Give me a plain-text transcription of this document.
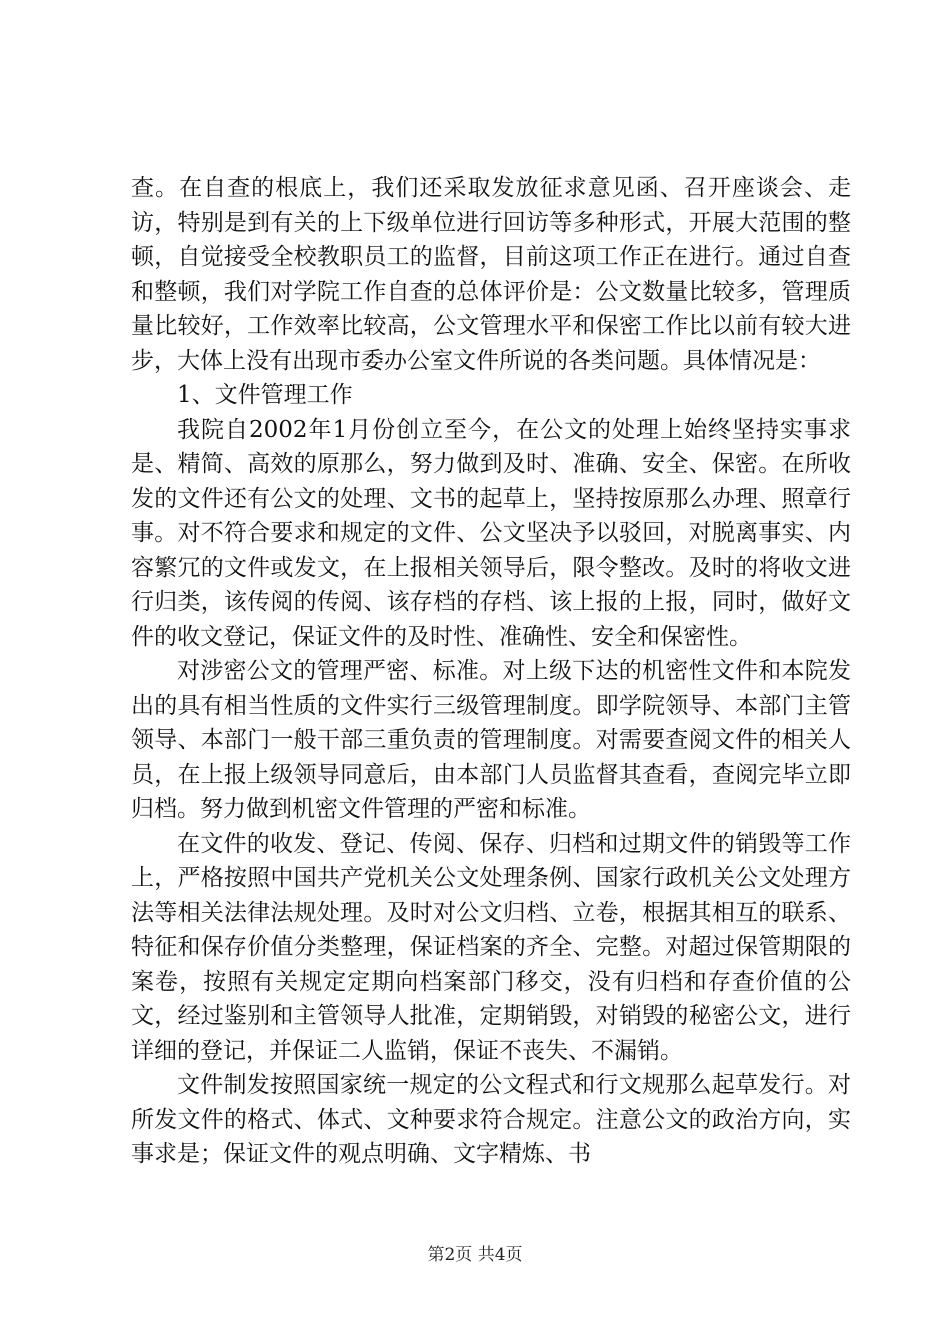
查。在自查的根底上，我们还采取发放征求意见函、召开座谈会、走访，特别是到有关的上下级单位进行回访等多种形式，开展大范围的整顿，自觉接受全校教职员工的监督，目前这项工作正在进行。通过自查和整顿，我们对学院工作自查的总体评价是：公文数量比较多，管理质量比较好，工作效率比较高，公文管理水平和保密工作比以前有较大进步，大体上没有出现市委办公室文件所说的各类问题。具体情况是：

1、文件管理工作

我院自2002年1月份创立至今，在公文的处理上始终坚持实事求是、精简、高效的原那么，努力做到及时、准确、安全、保密。在所收发的文件还有公文的处理、文书的起草上，坚持按原那么办理、照章行事。对不符合要求和规定的文件、公文坚决予以驳回，对脱离事实、内容繁冗的文件或发文，在上报相关领导后，限令整改。及时的将收文进行归类，该传阅的传阅、该存档的存档、该上报的上报，同时，做好文件的收文登记，保证文件的及时性、准确性、安全和保密性。

对涉密公文的管理严密、标准。对上级下达的机密性文件和本院发出的具有相当性质的文件实行三级管理制度。即学院领导、本部门主管领导、本部门一般干部三重负责的管理制度。对需要查阅文件的相关人员，在上报上级领导同意后，由本部门人员监督其查看，查阅完毕立即归档。努力做到机密文件管理的严密和标准。

在文件的收发、登记、传阅、保存、归档和过期文件的销毁等工作上，严格按照中国共产党机关公文处理条例、国家行政机关公文处理方法等相关法律法规处理。及时对公文归档、立卷，根据其相互的联系、特征和保存价值分类整理，保证档案的齐全、完整。对超过保管期限的案卷，按照有关规定定期向档案部门移交，没有归档和存查价值的公文，经过鉴别和主管领导人批准，定期销毁，对销毁的秘密公文，进行详细的登记，并保证二人监销，保证不丧失、不漏销。

文件制发按照国家统一规定的公文程式和行文规那么起草发行。对所发文件的格式、体式、文种要求符合规定。注意公文的政治方向，实事求是；保证文件的观点明确、文字精炼、书

第2页 共4页
